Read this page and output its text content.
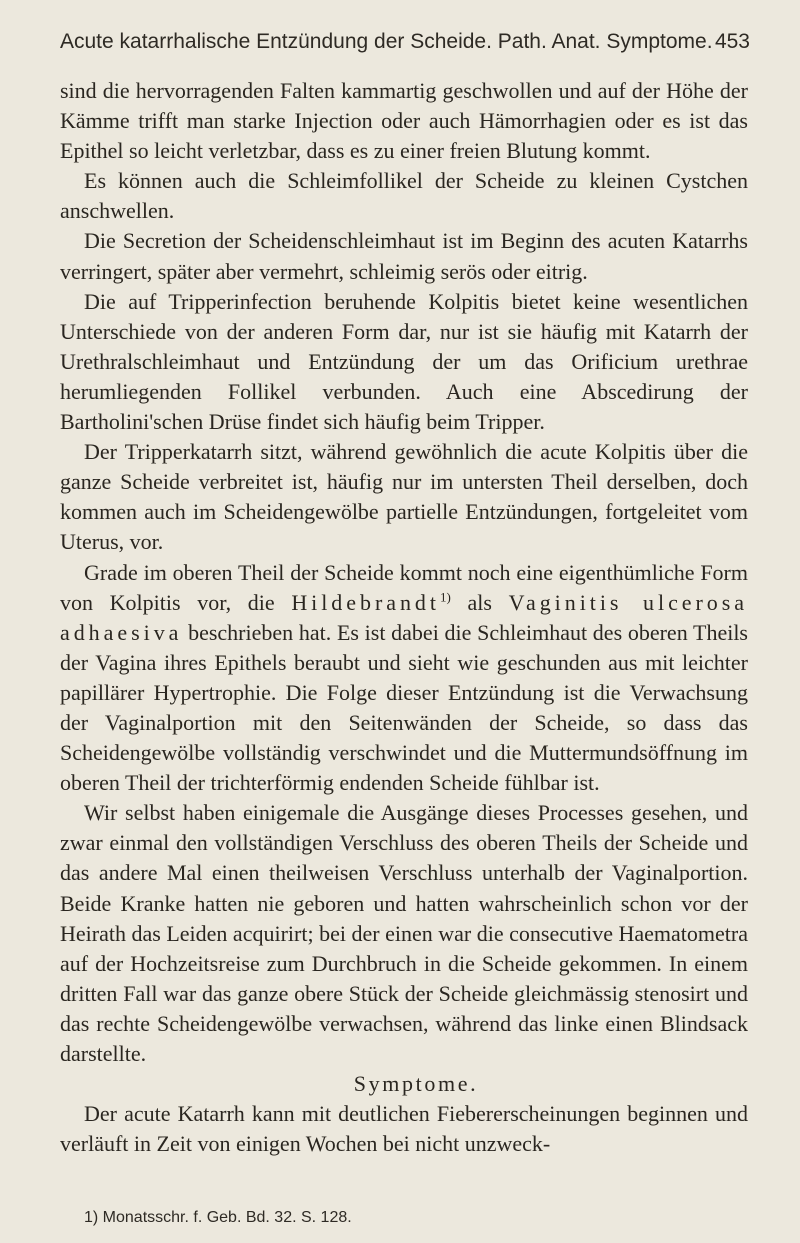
Acute katarrhalische Entzündung der Scheide. Path. Anat. Symptome. 453

sind die hervorragenden Falten kammartig geschwollen und auf der Höhe der Kämme trifft man starke Injection oder auch Hämorrhagien oder es ist das Epithel so leicht verletzbar, dass es zu einer freien Blutung kommt.

Es können auch die Schleimfollikel der Scheide zu kleinen Cystchen anschwellen.

Die Secretion der Scheidenschleimhaut ist im Beginn des acuten Katarrhs verringert, später aber vermehrt, schleimig serös oder eitrig.

Die auf Tripperinfection beruhende Kolpitis bietet keine wesentlichen Unterschiede von der anderen Form dar, nur ist sie häufig mit Katarrh der Urethralschleimhaut und Entzündung der um das Orificium urethrae herumliegenden Follikel verbunden. Auch eine Abscedirung der Bartholini'schen Drüse findet sich häufig beim Tripper.

Der Tripperkatarrh sitzt, während gewöhnlich die acute Kolpitis über die ganze Scheide verbreitet ist, häufig nur im untersten Theil derselben, doch kommen auch im Scheidengewölbe partielle Entzündungen, fortgeleitet vom Uterus, vor.

Grade im oberen Theil der Scheide kommt noch eine eigenthümliche Form von Kolpitis vor, die Hildebrandt$^{1)}$ als Vaginitis ulcerosa adhaesiva beschrieben hat. Es ist dabei die Schleimhaut des oberen Theils der Vagina ihres Epithels beraubt und sieht wie geschunden aus mit leichter papillärer Hypertrophie. Die Folge dieser Entzündung ist die Verwachsung der Vaginalportion mit den Seitenwänden der Scheide, so dass das Scheidengewölbe vollständig verschwindet und die Muttermundsöffnung im oberen Theil der trichterförmig endenden Scheide fühlbar ist.

Wir selbst haben einigemale die Ausgänge dieses Processes gesehen, und zwar einmal den vollständigen Verschluss des oberen Theils der Scheide und das andere Mal einen theilweisen Verschluss unterhalb der Vaginalportion. Beide Kranke hatten nie geboren und hatten wahrscheinlich schon vor der Heirath das Leiden acquirirt; bei der einen war die consecutive Haematometra auf der Hochzeitsreise zum Durchbruch in die Scheide gekommen. In einem dritten Fall war das ganze obere Stück der Scheide gleichmässig stenosirt und das rechte Scheidengewölbe verwachsen, während das linke einen Blindsack darstellte.

Symptome.

Der acute Katarrh kann mit deutlichen Fiebererscheinungen beginnen und verläuft in Zeit von einigen Wochen bei nicht unzweck-

1) Monatsschr. f. Geb. Bd. 32. S. 128.
